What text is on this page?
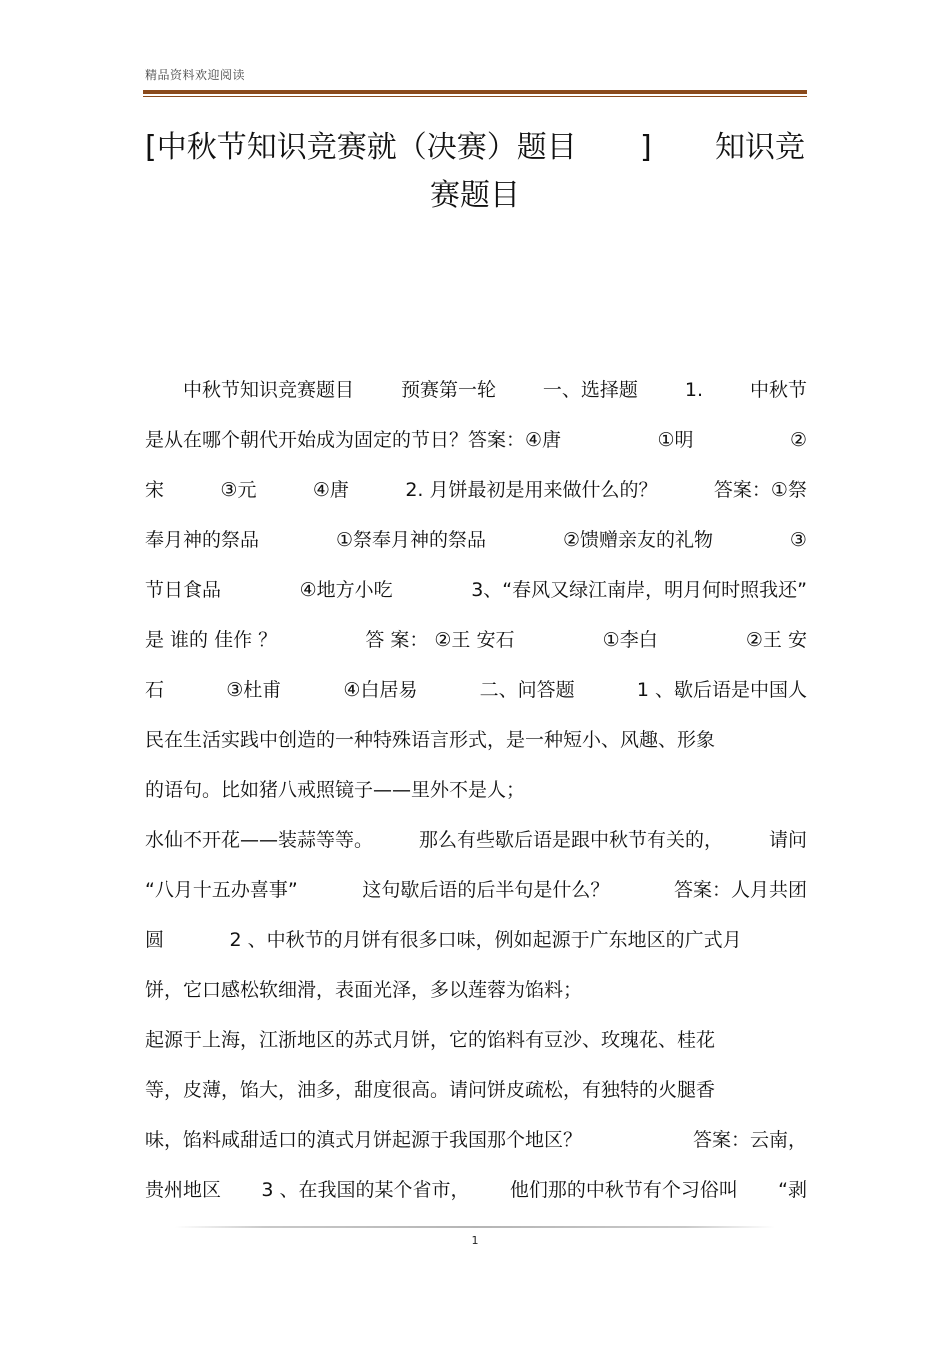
精品资料欢迎阅读
[中秋节知识竞赛就（决赛）题目 ] 知识竞
赛题目
　　中秋节知识竞赛题目 预赛第一轮 一、选择题 1. 中秋节
是从在哪个朝代开始成为固定的节日？答案：④唐	①明	②
宋	③元	④唐	2. 月饼最初是用来做什么的？	答案：①祭
奉月神的祭品	①祭奉月神的祭品	②馈赠亲友的礼物	③
节日食品	④地方小吃	3、“春风又绿江南岸，明月何时照我还”
是 谁的 佳作 ？	答 案： ②王 安石	①李白	②王 安
石	③杜甫	④白居易	二、问答题	1 、歇后语是中国人
民在生活实践中创造的一种特殊语言形式，是一种短小、风趣、形象
的语句。比如猪八戒照镜子——里外不是人；
水仙不开花——装蒜等等。 那么有些歇后语是跟中秋节有关的， 请问
“八月十五办喜事”	这句歇后语的后半句是什么？	答案：人月共团
圆	2 、中秋节的月饼有很多口味，例如起源于广东地区的广式月
饼，它口感松软细滑，表面光泽，多以莲蓉为馅料；
起源于上海，江浙地区的苏式月饼，它的馅料有豆沙、玫瑰花、桂花
等，皮薄，馅大，油多，甜度很高。请问饼皮疏松，有独特的火腿香
味，馅料咸甜适口的滇式月饼起源于我国那个地区？	答案：云南，
贵州地区 3 、在我国的某个省市， 他们那的中秋节有个习俗叫 “剥
1
